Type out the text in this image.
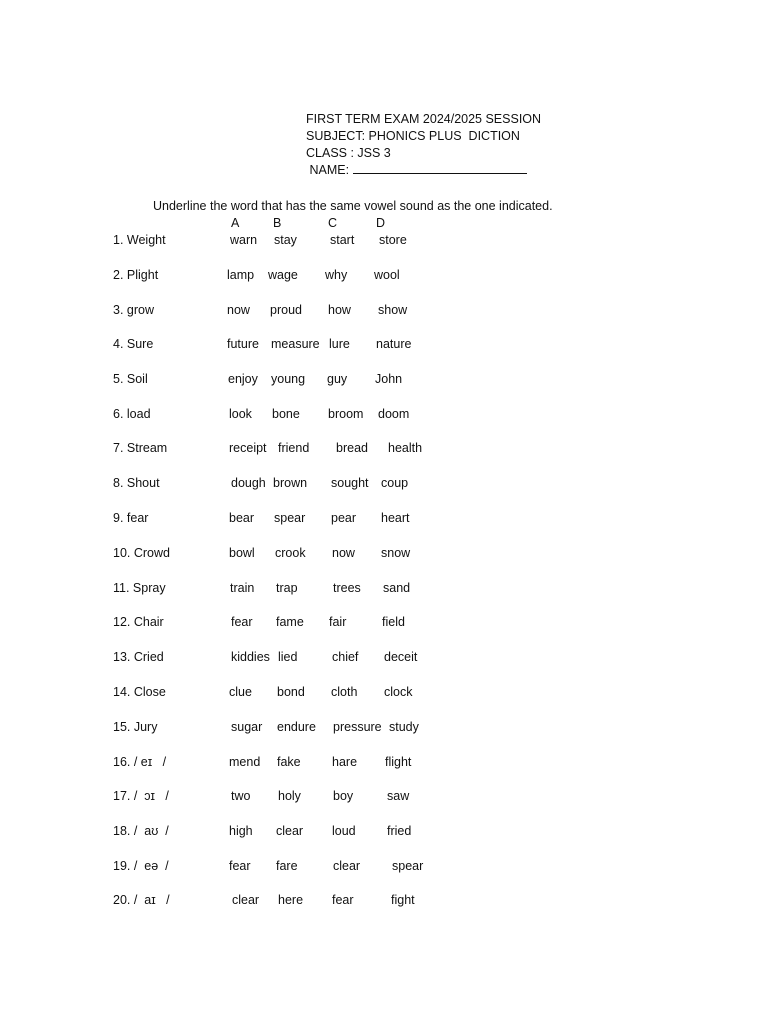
FIRST TERM EXAM 2024/2025 SESSION
SUBJECT: PHONICS PLUS  DICTION
CLASS : JSS 3
NAME:
Underline the word that has the same vowel sound as the one indicated.
A	B	C	D
1. Weight	warn stay	start store
2. Plight	lamp wage why wool
3. grow	now proud how show
4. Sure	future measure lure nature
5. Soil	enjoy young guy John
6. load	look bone broom doom
7. Stream	receipt friend bread health
8. Shout	dough brown sought coup
9. fear	bear spear pear heart
10. Crowd	bowl crook now snow
11. Spray	train trap	trees sand
12. Chair	fear fame fair	field
13. Cried	kiddies lied	chief deceit
14. Close	clue bond cloth clock
15. Jury	sugar endure pressure study
16. / eɪ   /	mend fake	hare flight
17. /  ɔɪ   /	two holy	boy	saw
18. /  aʊ  /	high clear loud	fried
19. /  eə  /	fear fare	clear	spear
20. /  aɪ   /	clear here fear	fight
